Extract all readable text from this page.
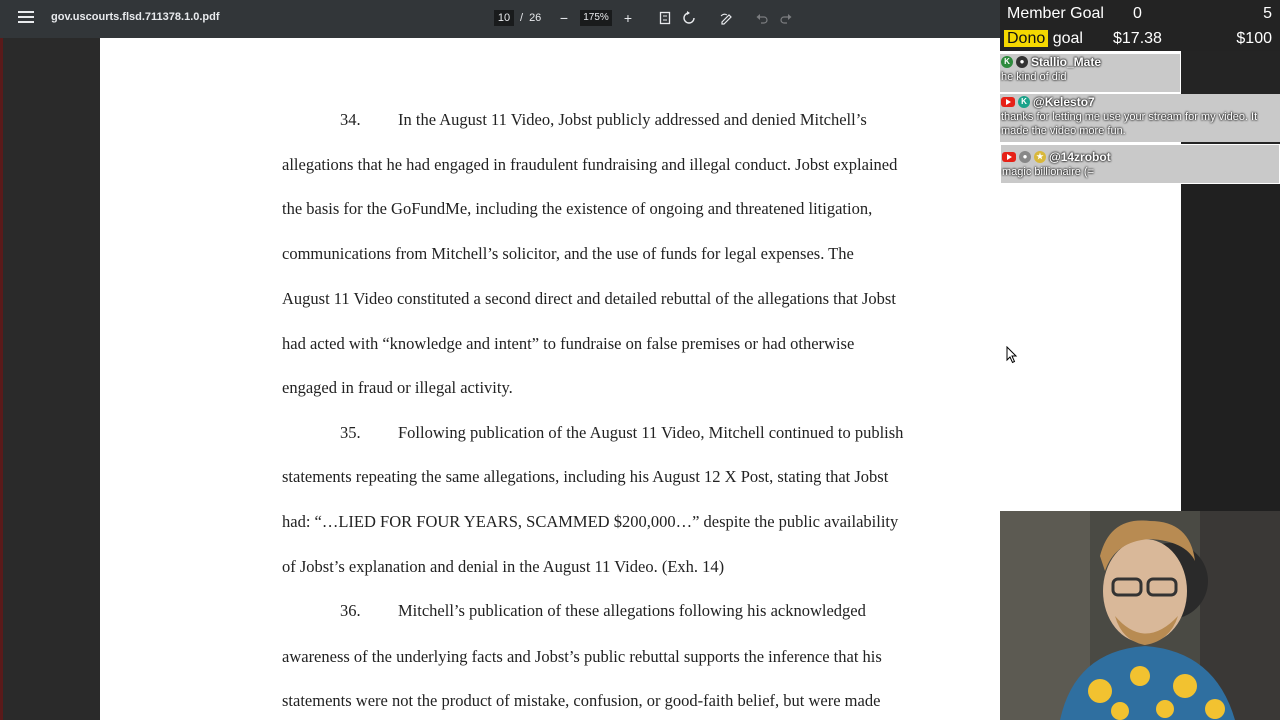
gov.uscourts.flsd.711378.1.0.pdf	10 / 26	−	175%	+
34. In the August 11 Video, Jobst publicly addressed and denied Mitchell’s
allegations that he had engaged in fraudulent fundraising and illegal conduct. Jobst explained
the basis for the GoFundMe, including the existence of ongoing and threatened litigation,
communications from Mitchell’s solicitor, and the use of funds for legal expenses. The
August 11 Video constituted a second direct and detailed rebuttal of the allegations that Jobst
had acted with “knowledge and intent” to fundraise on false premises or had otherwise
engaged in fraud or illegal activity.
35. Following publication of the August 11 Video, Mitchell continued to publish
statements repeating the same allegations, including his August 12 X Post, stating that Jobst
had: “…LIED FOR FOUR YEARS, SCAMMED $200,000…” despite the public availability
of Jobst’s explanation and denial in the August 11 Video. (Exh. 14)
36. Mitchell’s publication of these allegations following his acknowledged
awareness of the underlying facts and Jobst’s public rebuttal supports the inference that his
statements were not the product of mistake, confusion, or good-faith belief, but were made
Member Goal 0	5
Dono goal $17.38	$100
K	● Stallio_Mate
he kind of did
K @Kelesto7
thanks for letting me use your stream for my video. It made the video more fun.
●	★ @14zrobot
magic billionaire (=
